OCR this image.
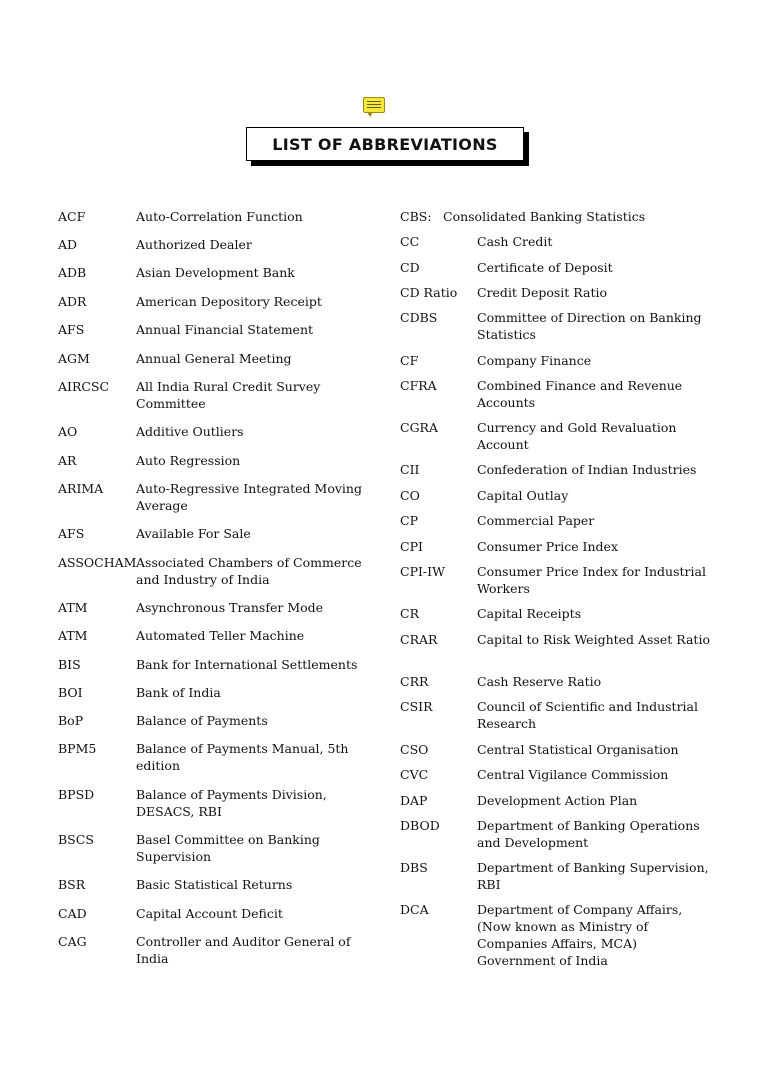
LIST OF ABBREVIATIONS
ACF	Auto-Correlation Function
AD	Authorized Dealer
ADB	Asian Development Bank
ADR	American Depository Receipt
AFS	Annual Financial Statement
AGM	Annual General Meeting
AIRCSC All India Rural Credit Survey Committee
AO	Additive Outliers
AR	Auto Regression
ARIMA	Auto-Regressive Integrated Moving Average
AFS	Available For Sale
ASSOCHAM Associated Chambers of Commerce and Industry of India
ATM	Asynchronous Transfer Mode
ATM	Automated Teller Machine
BIS	Bank for International Settlements
BOI	Bank of India
BoP	Balance of Payments
BPM5	Balance of Payments Manual, 5th edition
BPSD	Balance of Payments Division, DESACS, RBI
BSCS	Basel Committee on Banking Supervision
BSR	Basic Statistical Returns
CAD	Capital Account Deficit
CAG	Controller and Auditor General of India
CBS: Consolidated Banking Statistics
CC	Cash Credit
CD	Certificate of Deposit
CD Ratio Credit Deposit Ratio
CDBS	Committee of Direction on Banking Statistics
CF	Company Finance
CFRA	Combined Finance and Revenue Accounts
CGRA	Currency and Gold Revaluation Account
CII	Confederation of Indian Industries
CO	Capital Outlay
CP	Commercial Paper
CPI	Consumer Price Index
CPI-IW	Consumer Price Index for Industrial Workers
CR	Capital Receipts
CRAR	Capital to Risk Weighted Asset Ratio
CRR	Cash Reserve Ratio
CSIR	Council of Scientific and Industrial Research
CSO	Central Statistical Organisation
CVC	Central Vigilance Commission
DAP	Development Action Plan
DBOD	Department of Banking Operations and Development
DBS	Department of Banking Supervision, RBI
DCA	Department of Company Affairs, (Now known as Ministry of Companies Affairs, MCA) Government of India
